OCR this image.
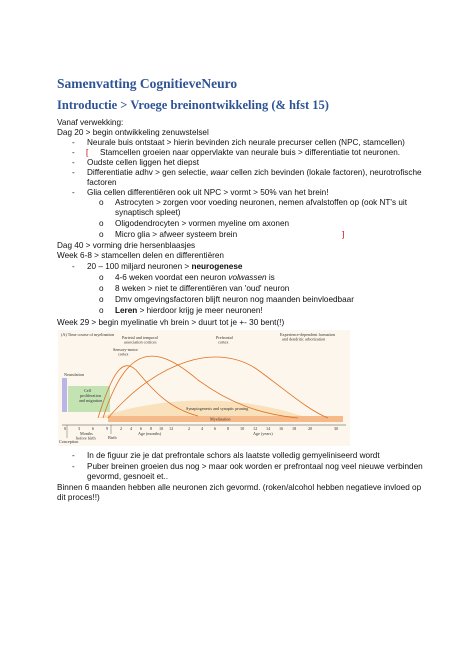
Samenvatting CognitieveNeuro
Introductie > Vroege breinontwikkeling (& hfst 15)
Vanaf verwekking:
Dag 20 > begin ontwikkeling zenuwstelsel
- Neurale buis ontstaat > hierin bevinden zich neurale precurser cellen (NPC, stamcellen)
- [ Stamcellen groeien naar oppervlakte van neurale buis > differentiatie tot neuronen.
- Oudste cellen liggen het diepst
- Differentiatie adhv > gen selectie, waar cellen zich bevinden (lokale factoren), neurotrofische
factoren
- Glia cellen differentiëren ook uit NPC > vormt > 50% van het brein!
o Astrocyten > zorgen voor voeding neuronen, nemen afvalstoffen op (ook NT's uit
synaptisch spleet)
o Oligodendrocyten > vormen myeline om axonen
o Micro glia > afweer systeem brein	]
Dag 40 > vorming drie hersenblaasjes
Week 6-8 > stamcellen delen en differentiëren
- 20 – 100 miljard neuronen > neurogenese
o 4-6 weken voordat een neuron volwassen is
o 8 weken > niet te differentiëren van 'oud' neuron
o Dmv omgevingsfactoren blijft neuron nog maanden beinvloedbaar
o Leren > hierdoor krijg je meer neuronen!
Week 29 > begin myelinatie vh brein > duurt tot je +- 30 bent(!)
(A) Time course of myelination
Neurulation
Cell
proliferation
and migration
Synaptogenesis and synaptic pruning
Myelination
Parietal and temporal
association cortices
Prefrontal
cortex
Sensory-motor
cortex
Experience-dependent formation
and dendritic arborization
0	3	6	9	2 4 6 8 10 12	2	4	6	8	10 12 14 16 18	20	30
Months
before birth
Age (months)	Age (years)
Birth
Conception
- In de figuur zie je dat prefrontale schors als laatste volledig gemyeliniseerd wordt
- Puber breinen groeien dus nog > maar ook worden er prefrontaal nog veel nieuwe verbinden
gevormd, gesnoeit et..
Binnen 6 maanden hebben alle neuronen zich gevormd. (roken/alcohol hebben negatieve invloed op
dit proces!!)
